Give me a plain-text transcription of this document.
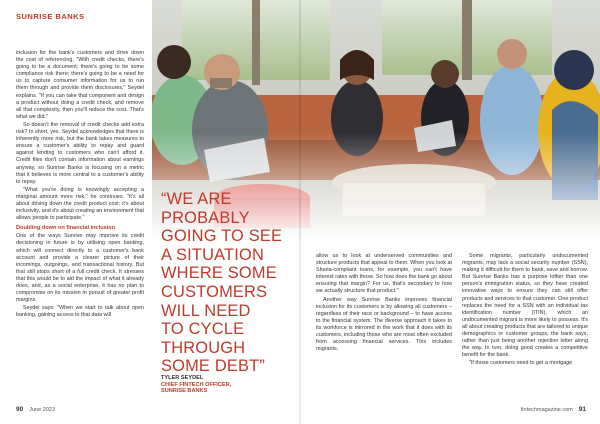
SUNRISE BANKS

inclusion for the bank's customers and drive down the cost of referencing. "With credit checks, there's going to be a document; there's going to be some compliance risk there; there's going to be a need for us to capture consumer information for us to run them through and provide them disclosures," Seydel explains. "If you can take that component and design a product without doing a credit check, and remove all that complexity, then you'll reduce the cost. That's what we did."

So doesn't the removal of credit checks add extra risk? In short, yes. Seydel acknowledges that there is inherently more risk, but the bank takes measures to ensure a customer's ability to repay and guard against lending to customers who can't afford it. Credit files don't contain information about earnings anyway, so Sunrise Banks is focusing on a metric that it believes is more central to a customer's ability to repay.

"What you're doing is knowingly accepting a marginal amount more risk," he continues. "It's all about driving down the credit product cost; it's about inclusivity, and it's about creating an environment that allows people to participate."

Doubling down on financial inclusion

One of the ways Sunrise may improve its credit decisioning in future is by utilising open banking, which will connect directly to a customer's bank account and provide a clearer picture of their incomings, outgoings, and transactional history. But that still stops short of a full credit check. It stresses that this would be to aid the impact of what it already does, and, as a social enterprise, it has no plan to compromise on its mission in pursuit of greater profit margins.

Seydel says: "When we start to talk about open banking, gaining access to that data will

“WE ARE
PROBABLY
GOING TO SEE
A SITUATION
WHERE SOME
CUSTOMERS
WILL NEED
TO CYCLE
THROUGH
SOME DEBT”
TYLER SEYDEL
CHIEF FINTECH OFFICER,
SUNRISE BANKS

allow us to look at underserved communities and structure products that appeal to them. When you look at Sharia-compliant loans, for example, you can't have interest rates with those. So how does the bank go about ensuring that margin? For us, that's secondary to how we actually structure that product."

Another way Sunrise Banks improves financial inclusion for its customers is by allowing all customers – regardless of their race or background – to have access to the financial system. The diverse approach it takes to its workforce is mirrored in the work that it does with its customers, including those who are most often excluded from accessing financial services. This includes migrants.

Some migrants, particularly undocumented migrants, may lack a social security number (SSN), making it difficult for them to bank, save and borrow. But Sunrise Banks has a purpose loftier than one person's immigration status, so they have created innovative ways to ensure they can still offer products and services to that customer. One product replaces the need for a SSN with an individual tax identification number (ITIN), which an undocumented migrant is more likely to possess. It's all about creating products that are tailored to unique demographics or customer groups, the bank says, rather than just being another rejection letter along the way. In turn, doing good creates a competitive benefit for the bank.

"If those customers need to get a mortgage

90 June 2023	fintechmagazine.com 91
